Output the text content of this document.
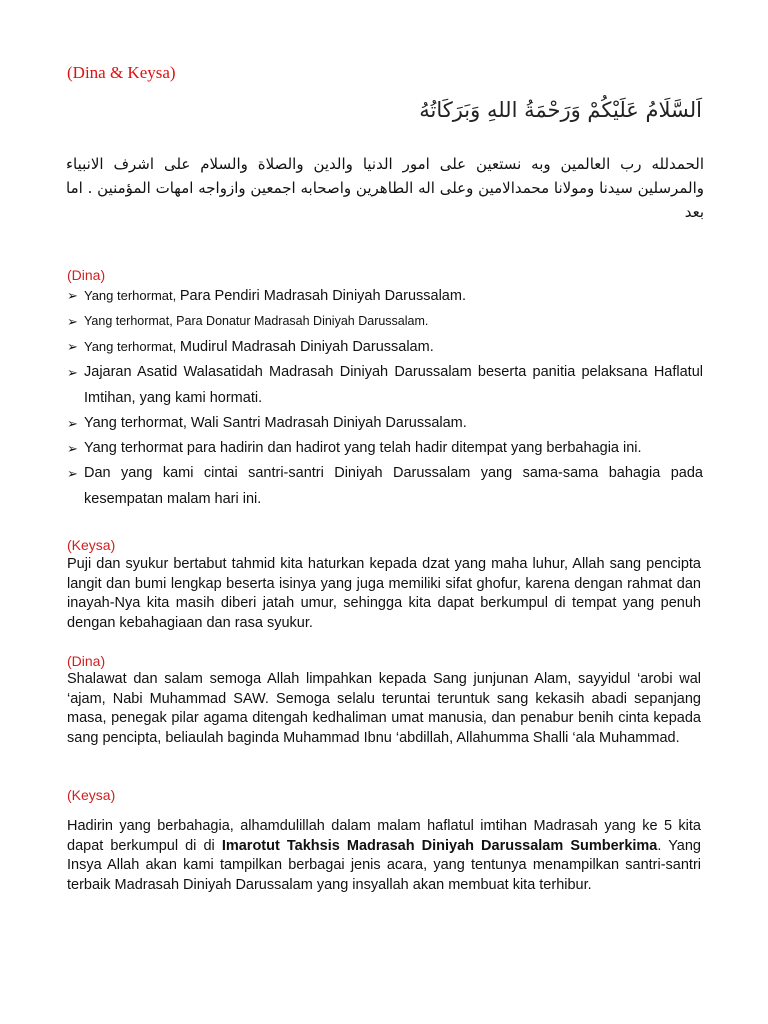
(Dina & Keysa)
اَلسَّلَامُ عَلَيْكُمْ وَرَحْمَةُ اللهِ وَبَرَكَاتُهُ
الحمدلله رب العالمين وبه نستعين على امور الدنيا والدين والصلاة والسلام على اشرف الانبياء والمرسلين سيدنا ومولانا محمدالامين وعلى اله الطاهرين واصحابه اجمعين وازواجه امهات المؤمنين . اما بعد
(Dina)
➢ Yang terhormat, Para Pendiri Madrasah Diniyah Darussalam.
➢ Yang terhormat, Para Donatur Madrasah Diniyah Darussalam.
➢ Yang terhormat, Mudirul Madrasah Diniyah Darussalam.
➢ Jajaran Asatid Walasatidah Madrasah Diniyah Darussalam beserta panitia pelaksana Haflatul Imtihan, yang kami hormati.
➢ Yang terhormat, Wali Santri Madrasah Diniyah Darussalam.
➢ Yang terhormat para hadirin dan hadirot yang telah hadir ditempat yang berbahagia ini.
➢ Dan yang kami cintai santri-santri Diniyah Darussalam yang sama-sama bahagia pada kesempatan malam hari ini.
(Keysa)
Puji dan syukur bertabut tahmid kita haturkan kepada dzat yang maha luhur, Allah sang pencipta langit dan bumi lengkap beserta isinya yang juga memiliki sifat ghofur, karena dengan rahmat dan inayah-Nya kita masih diberi jatah umur, sehingga kita dapat berkumpul di tempat yang penuh dengan kebahagiaan dan rasa syukur.
(Dina)
Shalawat dan salam semoga Allah limpahkan kepada Sang junjunan Alam, sayyidul ‘arobi wal ‘ajam, Nabi Muhammad SAW. Semoga selalu teruntai teruntuk sang kekasih abadi sepanjang masa, penegak pilar agama ditengah kedhaliman umat manusia, dan penabur benih cinta kepada sang pencipta, beliaulah baginda Muhammad Ibnu ‘abdillah, Allahumma Shalli ‘ala Muhammad.
(Keysa)
Hadirin yang berbahagia, alhamdulillah dalam malam haflatul imtihan Madrasah yang ke 5 kita dapat berkumpul di di Imarotut Takhsis Madrasah Diniyah Darussalam Sumberkima. Yang Insya Allah akan kami tampilkan berbagai jenis acara, yang tentunya menampilkan santri-santri terbaik Madrasah Diniyah Darussalam yang insyallah akan membuat kita terhibur.
